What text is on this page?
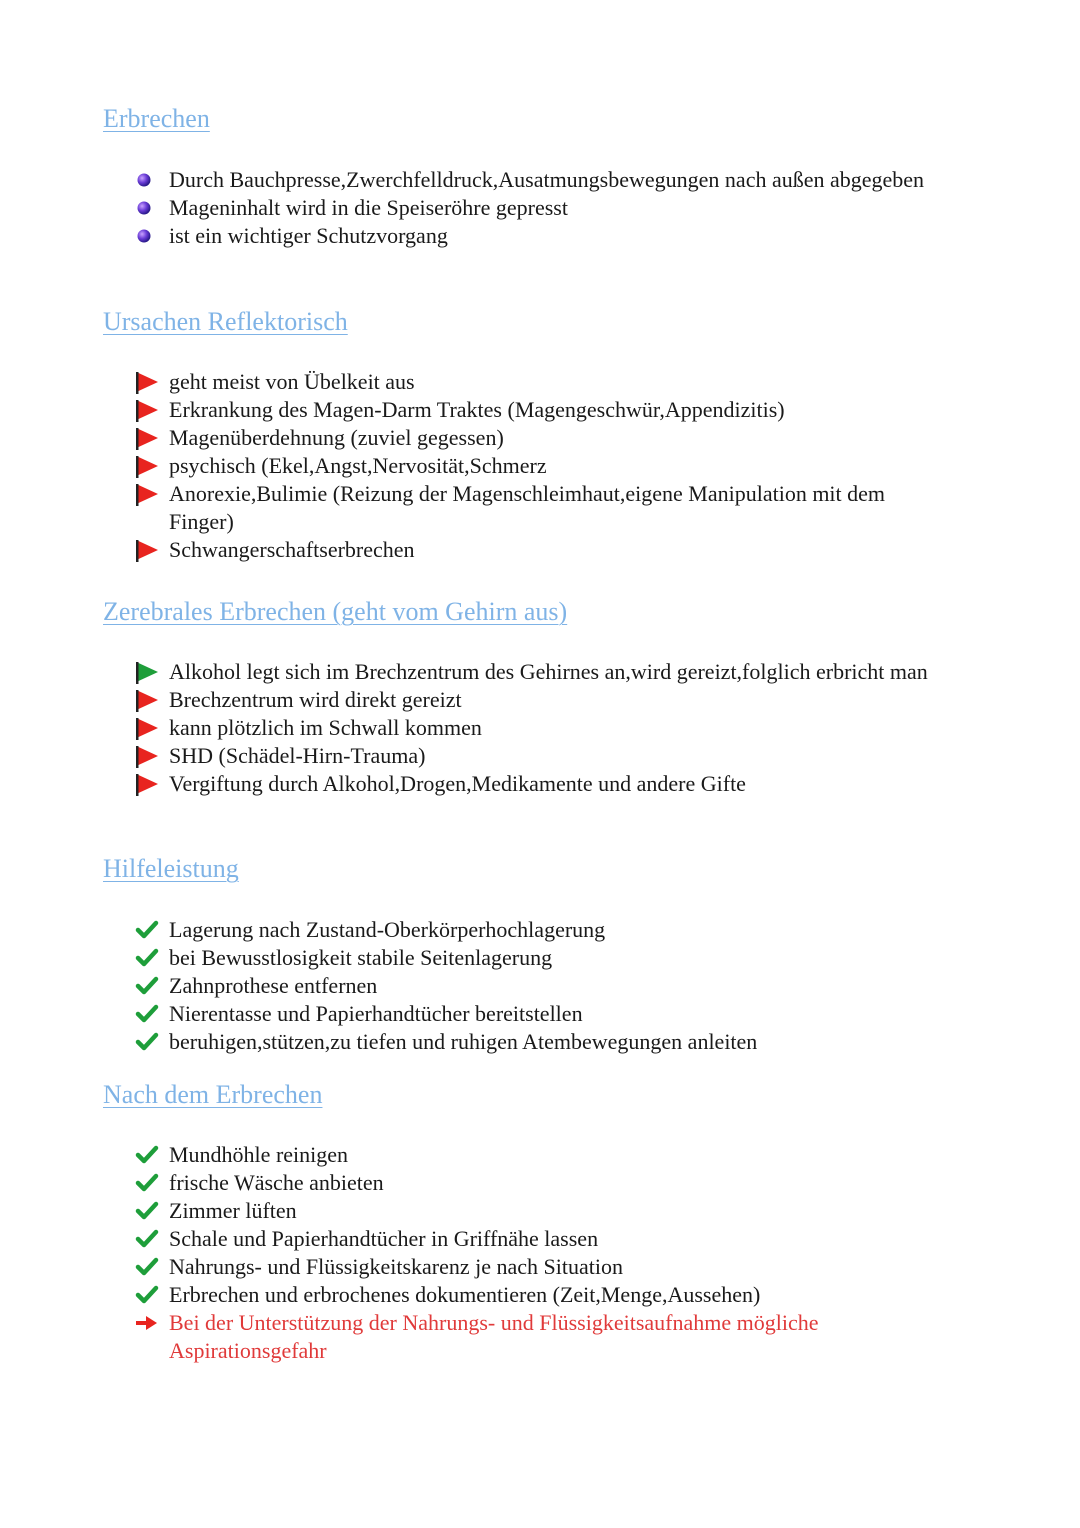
Erbrechen
Durch Bauchpresse,Zwerchfelldruck,Ausatmungsbewegungen nach außen abgegeben
Mageninhalt wird in die Speiseröhre gepresst
ist ein wichtiger Schutzvorgang
Ursachen Reflektorisch
geht meist von Übelkeit aus
Erkrankung des Magen-Darm Traktes (Magengeschwür,Appendizitis)
Magenüberdehnung (zuviel gegessen)
psychisch (Ekel,Angst,Nervosität,Schmerz
Anorexie,Bulimie (Reizung der Magenschleimhaut,eigene Manipulation mit dem Finger)
Schwangerschaftserbrechen
Zerebrales Erbrechen (geht vom Gehirn aus)
Alkohol legt sich im Brechzentrum des Gehirnes an,wird gereizt,folglich erbricht man
Brechzentrum wird direkt gereizt
kann plötzlich im Schwall kommen
SHD (Schädel-Hirn-Trauma)
Vergiftung durch Alkohol,Drogen,Medikamente und andere Gifte
Hilfeleistung
Lagerung nach Zustand-Oberkörperhochlagerung
bei Bewusstlosigkeit stabile Seitenlagerung
Zahnprothese entfernen
Nierentasse und Papierhandtücher bereitstellen
beruhigen,stützen,zu tiefen und ruhigen Atembewegungen anleiten
Nach dem Erbrechen
Mundhöhle reinigen
frische Wäsche anbieten
Zimmer lüften
Schale und Papierhandtücher in Griffnähe lassen
Nahrungs- und Flüssigkeitskarenz je nach Situation
Erbrechen und erbrochenes dokumentieren (Zeit,Menge,Aussehen)
Bei der Unterstützung der Nahrungs- und Flüssigkeitsaufnahme mögliche Aspirationsgefahr
